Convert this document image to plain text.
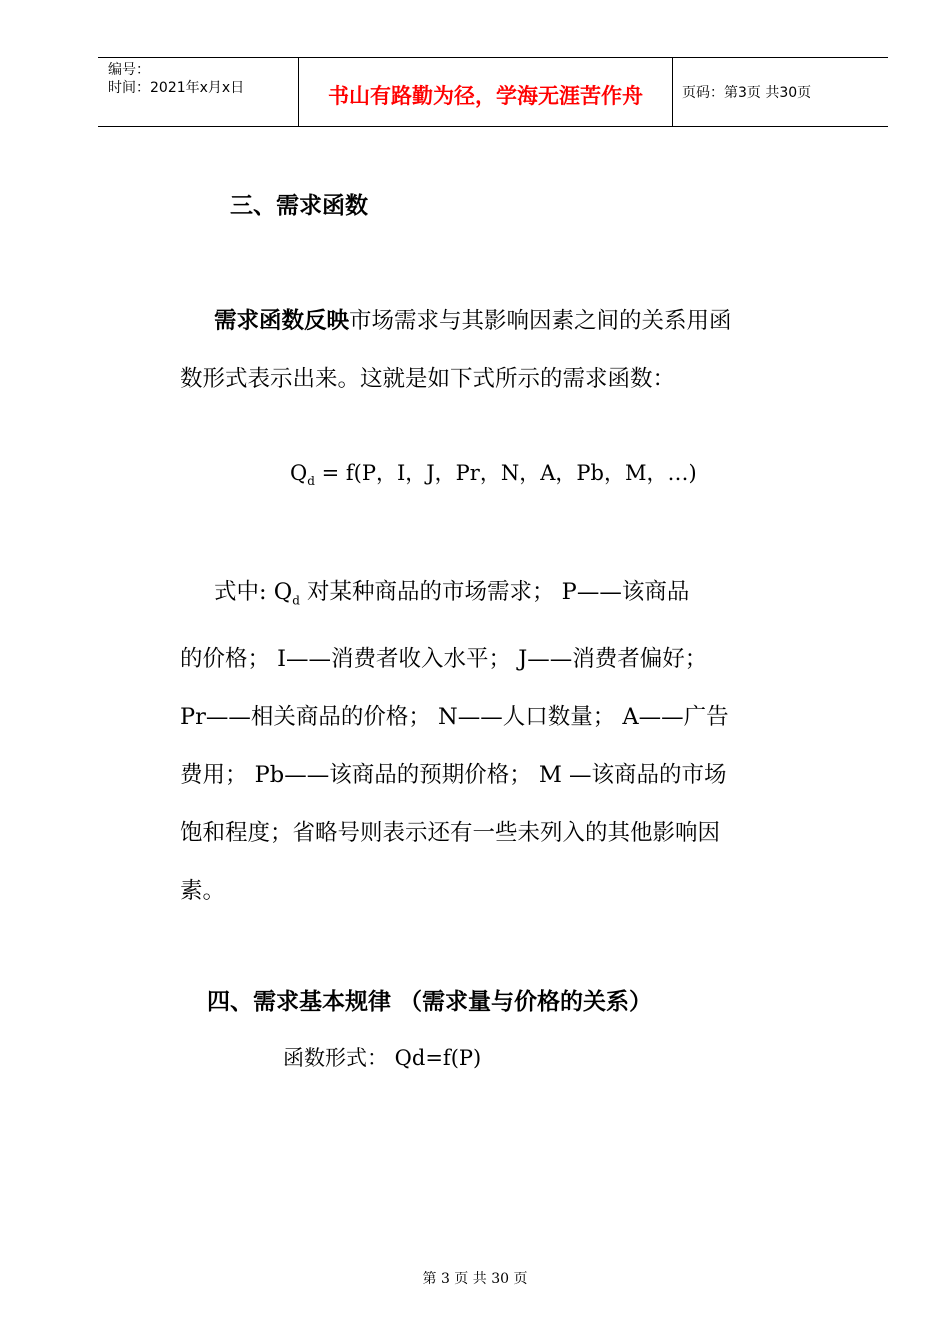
编号：
时间：2021年x月x日	书山有路勤为径，学海无涯苦作舟	页码：第3页 共30页
三、需求函数

需求函数反映市场需求与其影响因素之间的关系用函

数形式表示出来。这就是如下式所示的需求函数：

$Q_d = f(P$，I，J，Pr，N，A，Pb，M，…)

式中: $Q_d$ 对某种商品的市场需求； P——该商品

的价格； I——消费者收入水平； J——消费者偏好；

Pr——相关商品的价格； N——人口数量； A——广告

费用； Pb——该商品的预期价格； M —该商品的市场

饱和程度；省略号则表示还有一些未列入的其他影响因

素。

四、需求基本规律 （需求量与价格的关系）
函数形式： Qd=f(P)
第 3 页 共 30 页
